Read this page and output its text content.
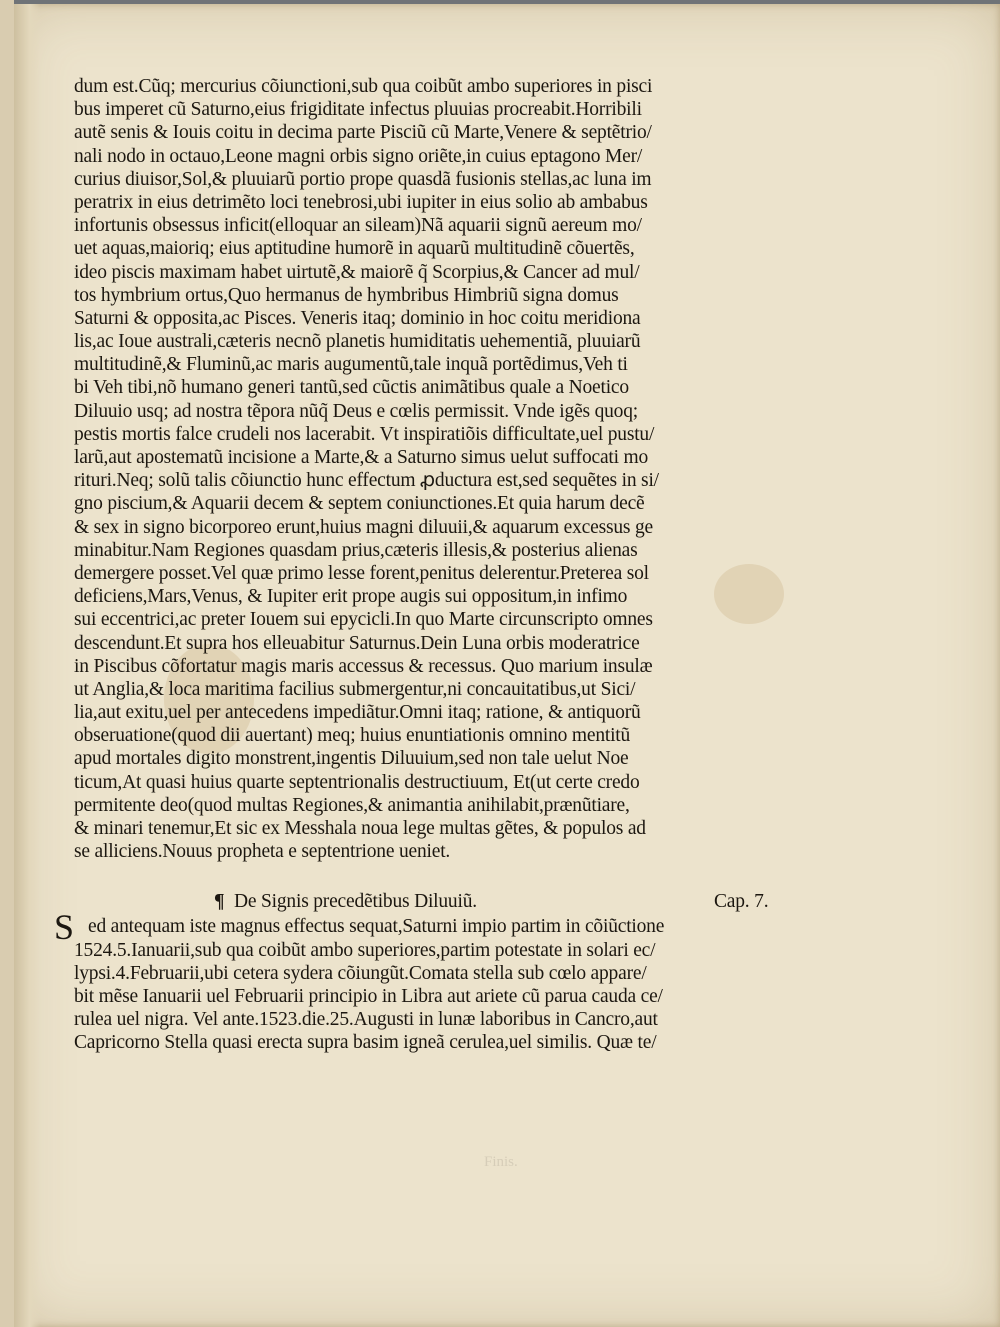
Finis.
dum est.Cũq; mercurius cõiunctioni,sub qua coibũt ambo superiores in pisci
bus imperet cũ Saturno,eius frigiditate infectus pluuias procreabit.Horribili
autẽ senis & Iouis coitu in decima parte Pisciũ cũ Marte,Venere & septẽtrio/
nali nodo in octauo,Leone magni orbis signo oriẽte,in cuius eptagono Mer/
curius diuisor,Sol,& pluuiarũ portio prope quasdã fusionis stellas,ac luna im
peratrix in eius detrimẽto loci tenebrosi,ubi iupiter in eius solio ab ambabus
infortunis obsessus inficit(elloquar an sileam)Nã aquarii signũ aereum mo/
uet aquas,maioriq; eius aptitudine humorẽ in aquarũ multitudinẽ cõuertẽs,
ideo piscis maximam habet uirtutẽ,& maiorẽ q̃ Scorpius,& Cancer ad mul/
tos hymbrium ortus,Quo hermanus de hymbribus Himbriũ signa domus
Saturni & opposita,ac Pisces. Veneris itaq; dominio in hoc coitu meridiona
lis,ac Ioue australi,cæteris necnõ planetis humiditatis uehementiã, pluuiarũ
multitudinẽ,& Fluminũ,ac maris augumentũ,tale inquã portẽdimus,Veh ti
bi Veh tibi,nõ humano generi tantũ,sed cũctis animãtibus quale a Noetico
Diluuio usq; ad nostra tẽpora nũq̃ Deus e cœlis permissit. Vnde igẽs quoq;
pestis mortis falce crudeli nos lacerabit. Vt inspiratiõis difficultate,uel pustu/
larũ,aut apostematũ incisione a Marte,& a Saturno simus uelut suffocati mo
rituri.Neq; solũ talis cõiunctio hunc effectum ꝓductura est,sed sequẽtes in si/
gno piscium,& Aquarii decem & septem coniunctiones.Et quia harum decẽ
& sex in signo bicorporeo erunt,huius magni diluuii,& aquarum excessus ge
minabitur.Nam Regiones quasdam prius,cæteris illesis,& posterius alienas
demergere posset.Vel quæ primo lesse forent,penitus delerentur.Preterea sol
deficiens,Mars,Venus, & Iupiter erit prope augis sui oppositum,in infimo
sui eccentrici,ac preter Iouem sui epycicli.In quo Marte circunscripto omnes
descendunt.Et supra hos elleuabitur Saturnus.Dein Luna orbis moderatrice
in Piscibus cõfortatur magis maris accessus & recessus. Quo marium insulæ
ut Anglia,& loca maritima facilius submergentur,ni concauitatibus,ut Sici/
lia,aut exitu,uel per antecedens impediãtur.Omni itaq; ratione, & antiquorũ
obseruatione(quod dii auertant) meq; huius enuntiationis omnino mentitũ
apud mortales digito monstrent,ingentis Diluuium,sed non tale uelut Noe
ticum,At quasi huius quarte septentrionalis destructiuum, Et(ut certe credo
permitente deo(quod multas Regiones,& animantia anihilabit,prænũtiare,
& minari tenemur,Et sic ex Messhala noua lege multas gẽtes, & populos ad
se alliciens.Nouus propheta e septentrione ueniet.
¶ De Signis precedẽtibus Diluuiũ.	Cap. 7.
S ed antequam iste magnus effectus sequat,Saturni impio partim in cõiũctione
1524.5.Ianuarii,sub qua coibũt ambo superiores,partim potestate in solari ec/
lypsi.4.Februarii,ubi cetera sydera cõiungũt.Comata stella sub cœlo appare/
bit mẽse Ianuarii uel Februarii principio in Libra aut ariete cũ parua cauda ce/
rulea uel nigra. Vel ante.1523.die.25.Augusti in lunæ laboribus in Cancro,aut
Capricorno Stella quasi erecta supra basim igneã cerulea,uel similis. Quæ te/
